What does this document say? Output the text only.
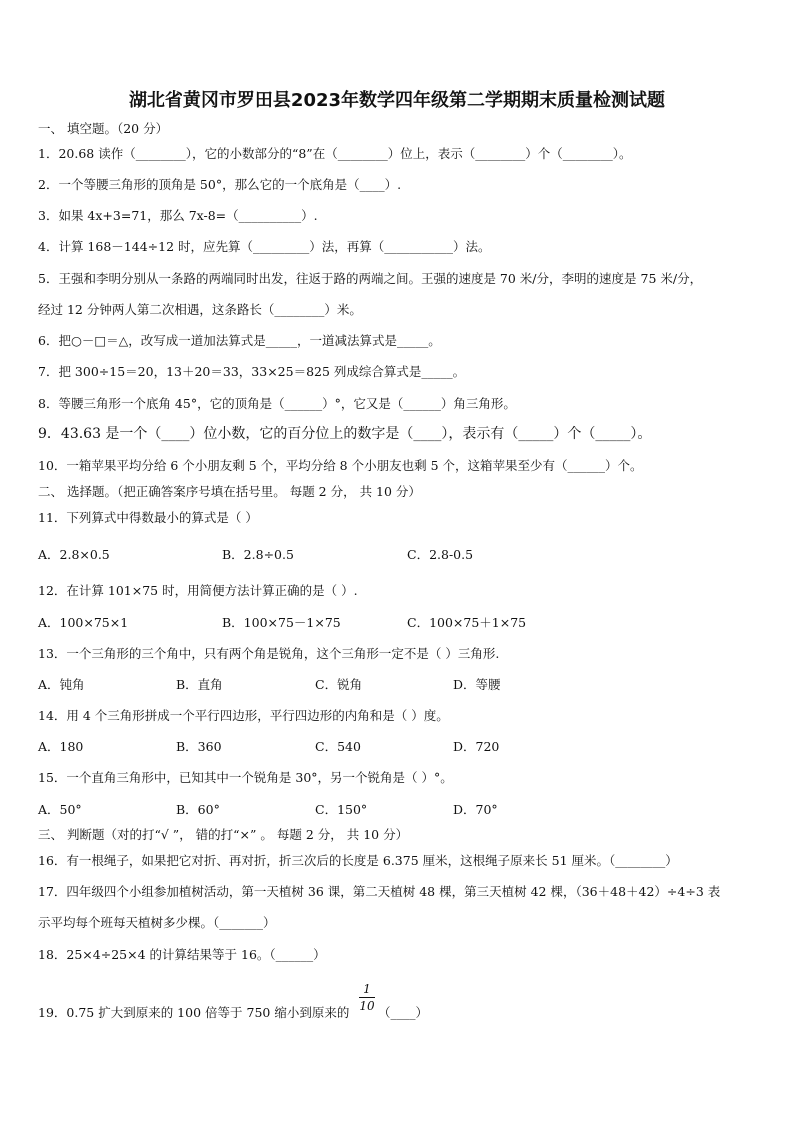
湖北省黄冈市罗田县2023年数学四年级第二学期期末质量检测试题
一、 填空题。（20 分）
1．20.68 读作（________），它的小数部分的“8”在（________）位上，表示（________）个（________）。
2．一个等腰三角形的顶角是 50°，那么它的一个底角是（____）.
3．如果 4x+3=71，那么 7x-8=（__________）.
4．计算 168－144÷12 时，应先算（_________）法，再算（___________）法。
5．王强和李明分别从一条路的两端同时出发，往返于路的两端之间。王强的速度是 70 米/分，李明的速度是 75 米/分，
经过 12 分钟两人第二次相遇，这条路长（________）米。
6．把○－□＝△，改写成一道加法算式是_____，一道减法算式是_____。
7．把 300÷15＝20，13＋20＝33，33×25＝825 列成综合算式是_____。
8．等腰三角形一个底角 45°，它的顶角是（______）°，它又是（______）角三角形。
9．43.63 是一个（____）位小数，它的百分位上的数字是（____），表示有（_____）个（_____）。
10．一箱苹果平均分给 6 个小朋友剩 5 个，平均分给 8 个小朋友也剩 5 个，这箱苹果至少有（______）个。
二、 选择题。（把正确答案序号填在括号里。 每题 2 分， 共 10 分）
11．下列算式中得数最小的算式是（ ）
A．2.8×0.5	B．2.8÷0.5	C．2.8-0.5
12．在计算 101×75 时，用简便方法计算正确的是（ ）.
A．100×75×1	B．100×75－1×75	C．100×75＋1×75
13．一个三角形的三个角中，只有两个角是锐角，这个三角形一定不是（ ）三角形.
A．钝角	B．直角	C．锐角	D．等腰
14．用 4 个三角形拼成一个平行四边形，平行四边形的内角和是（ ）度。
A．180	B．360	C．540	D．720
15．一个直角三角形中，已知其中一个锐角是 30°，另一个锐角是（ ）°。
A．50°	B．60°	C．150°	D．70°
三、 判断题（对的打“√ ”， 错的打“×” 。 每题 2 分， 共 10 分）
16．有一根绳子，如果把它对折、再对折，折三次后的长度是 6.375 厘米，这根绳子原来长 51 厘米。（________）
17．四年级四个小组参加植树活动，第一天植树 36 课，第二天植树 48 棵，第三天植树 42 棵，（36＋48＋42）÷4÷3 表
示平均每个班每天植树多少棵。（_______）
18．25×4÷25×4 的计算结果等于 16。（______）
1
10
19．0.75 扩大到原来的 100 倍等于 750 缩小到原来的	（____）
